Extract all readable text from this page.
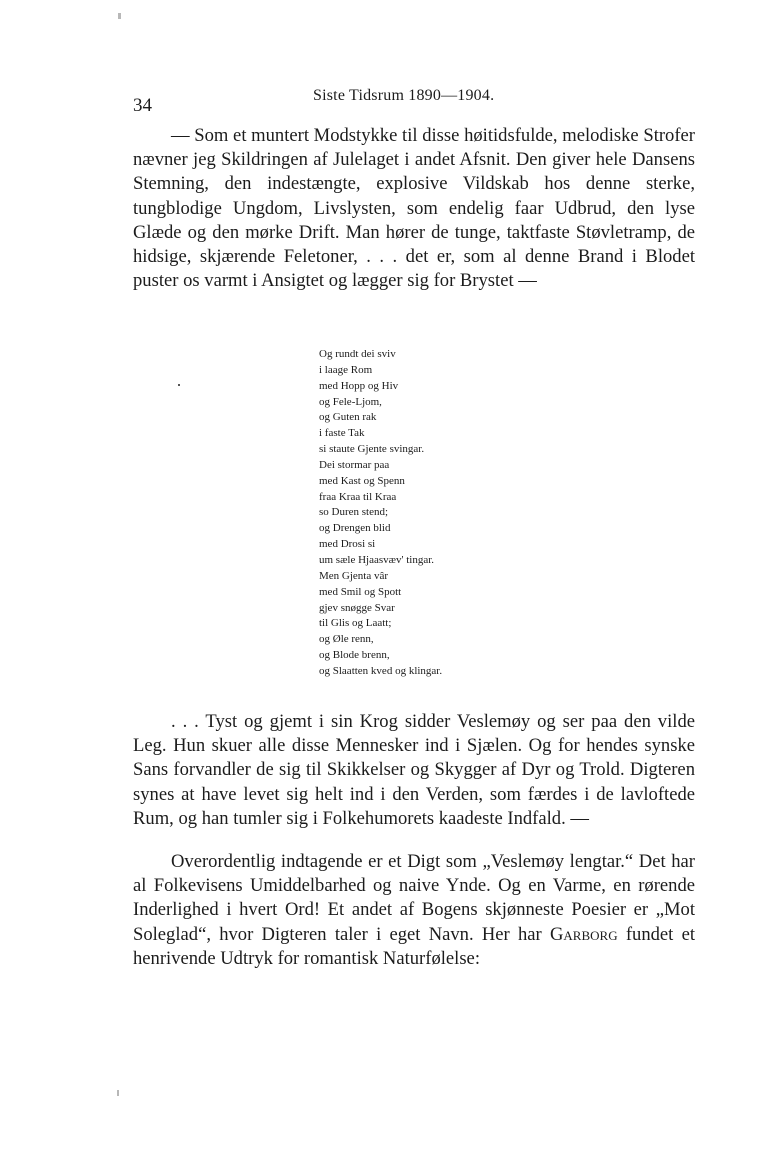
34	Siste Tidsrum 1890—1904.

— Som et muntert Modstykke til disse høitidsfulde, melodiske Strofer nævner jeg Skildringen af Julelaget i andet Afsnit. Den giver hele Dansens Stemning, den indestængte, explosive Vildskab hos denne sterke, tungblodige Ungdom, Livslysten, som endelig faar Udbrud, den lyse Glæde og den mørke Drift. Man hører de tunge, taktfaste Støvletramp, de hidsige, skjærende Feletoner, . . . det er, som al denne Brand i Blodet puster os varmt i Ansigtet og lægger sig for Brystet —

Og rundt dei sviv
i laage Rom
med Hopp og Hiv
og Fele-Ljom,
og Guten rak
i faste Tak
si staute Gjente svingar.
Dei stormar paa
med Kast og Spenn
fraa Kraa til Kraa
so Duren stend;
og Drengen blid
med Drosi si
um sæle Hjaasvæv' tingar.
Men Gjenta vâr
med Smil og Spott
gjev snøgge Svar
til Glis og Laatt;
og Øle renn,
og Blode brenn,
og Slaatten kved og klingar.

. . . Tyst og gjemt i sin Krog sidder Veslemøy og ser paa den vilde Leg. Hun skuer alle disse Mennesker ind i Sjælen. Og for hendes synske Sans forvandler de sig til Skikkelser og Skygger af Dyr og Trold. Digteren synes at have levet sig helt ind i den Verden, som færdes i de lavloftede Rum, og han tumler sig i Folkehumorets kaadeste Indfald. —

Overordentlig indtagende er et Digt som „Veslemøy lengtar.“ Det har al Folkevisens Umiddelbarhed og naive Ynde. Og en Varme, en rørende Inderlighed i hvert Ord! Et andet af Bogens skjønneste Poesier er „Mot Soleglad“, hvor Digteren taler i eget Navn. Her har Garborg fundet et henrivende Udtryk for romantisk Naturfølelse:
